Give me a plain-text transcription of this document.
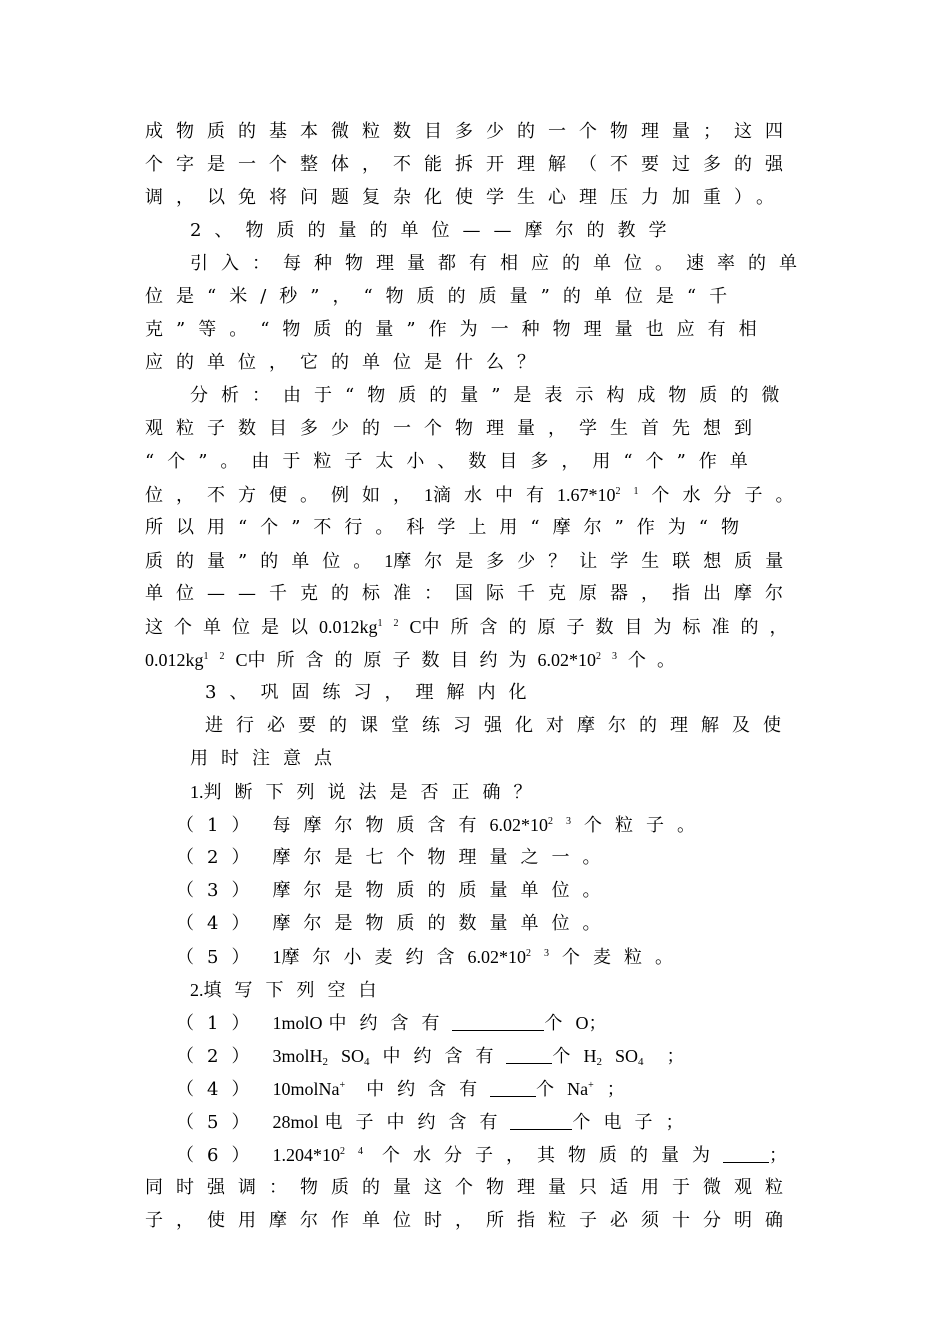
成物质的基本微粒数目多少的一个物理量；这四
个字是一个整体，不能拆开理解（不要过多的强
调，以免将问题复杂化使学生心理压力加重）。
2、物质的量的单位——摩尔的教学
引入：每种物理量都有相应的单位。速率的单
位是“米/秒”，“物质的质量”的单位是“千
克”等。“物质的量”作为一种物理量也应有相
应的单位，它的单位是什么？
分析：由于“物质的量”是表示构成物质的微
观粒子数目多少的一个物理量，学生首先想到
“个”。由于粒子太小、数目多，用“个”作单
位，不方便。例如，1滴水中有$1.67*10^{21}$个水分子。
所以用“个”不行。科学上用“摩尔”作为“物
质的量”的单位。1摩尔是多少？让学生联想质量
单位——千克的标准：国际千克原器，指出摩尔
这个单位是以$0.012kg^{12}C$中所含的原子数目为标准的，
$0.012kg^{12}C$中所含的原子数目约为$6.02*10^{23}$个。
3、巩固练习，理解内化
进行必要的课堂练习强化对摩尔的理解及使
用时注意点
1.判断下列说法是否正确？
（1） 每摩尔物质含有$6.02*10^{23}$个粒子。
（2） 摩尔是七个物理量之一。
（3） 摩尔是物质的质量单位。
（4） 摩尔是物质的数量单位。
（5） 1摩尔小麦约含$6.02*10^{23}$个麦粒。
2.填写下列空白
（1） 1molO 中约含有	个O；
（2） $3molH_2SO_4$中约含有	个$H_2SO_4$ ；
（4） 10molNa+ 中约含有	个Na+；
（5） 28mol 电子中约含有	个电子；
（6） $1.204*10^{24}$ 个水分子，其物质的量为	；
同时强调：物质的量这个物理量只适用于微观粒
子，使用摩尔作单位时，所指粒子必须十分明确
